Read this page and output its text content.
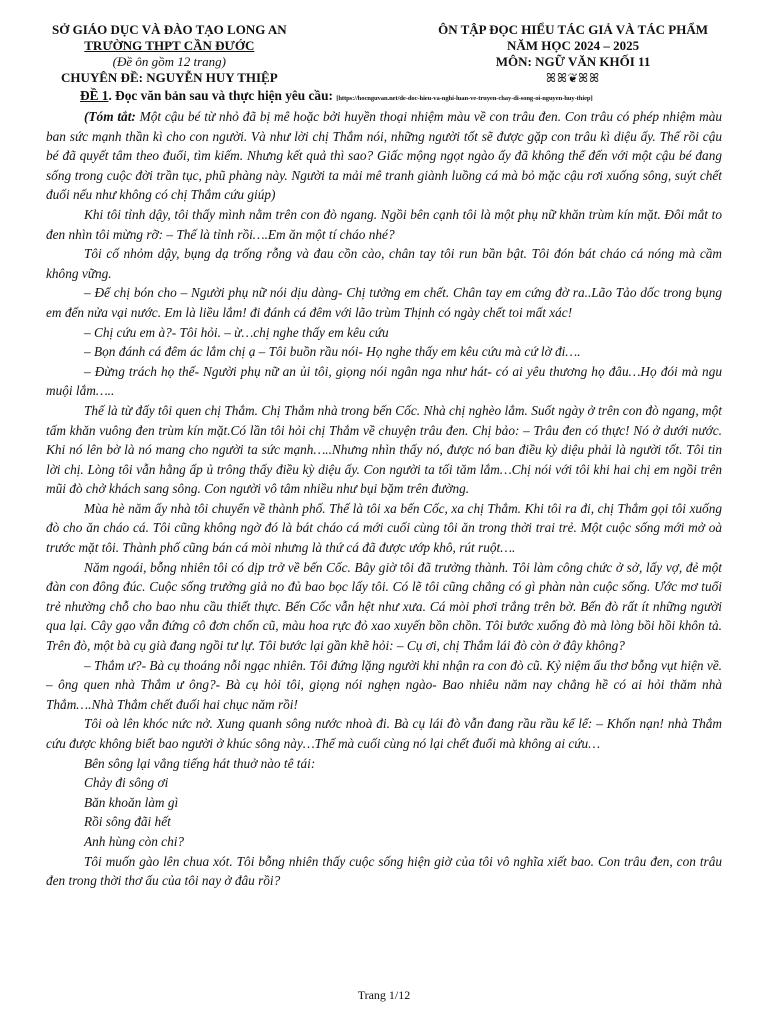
SỞ GIÁO DỤC VÀ ĐÀO TẠO LONG AN
TRƯỜNG THPT CẦN ĐƯỚC
(Đề ôn gồm 12 trang)
CHUYÊN ĐỀ: NGUYỄN HUY THIỆP
ÔN TẬP ĐỌC HIỂU TÁC GIẢ VÀ TÁC PHẨM
NĂM HỌC 2024 – 2025
MÔN: NGỮ VĂN KHỐI 11
ꕤꕤ❦ꕤꕤ
ĐỀ 1. Đọc văn bản sau và thực hiện yêu cầu: [https://hocnguvan.net/de-doc-hieu-va-nghi-luan-ve-truyen-chay-di-song-oi-nguyen-huy-thiep]

(Tóm tắt: Một cậu bé từ nhỏ đã bị mê hoặc bởi huyền thoại nhiệm màu về con trâu đen. Con trâu có phép nhiệm màu ban sức mạnh thần kì cho con người. Và như lời chị Thắm nói, những người tốt sẽ được gặp con trâu kì diệu ấy. Thế rồi cậu bé đã quyết tâm theo đuổi, tìm kiếm. Nhưng kết quả thì sao? Giấc mộng ngọt ngào ấy đã không thể đến với một cậu bé đang sống trong cuộc đời trần tục, phũ phàng này. Người ta mải mê tranh giành luồng cá mà bỏ mặc cậu rơi xuống sông, suýt chết đuối nếu như không có chị Thắm cứu giúp)

Khi tôi tỉnh dậy, tôi thấy mình nằm trên con đò ngang. Ngồi bên cạnh tôi là một phụ nữ khăn trùm kín mặt. Đôi mắt to đen nhìn tôi mừng rỡ: – Thế là tỉnh rồi….Em ăn một tí cháo nhé?

Tôi cố nhỏm dậy, bụng dạ trống rỗng và đau cồn cào, chân tay tôi run bần bật. Tôi đón bát cháo cá nóng mà cầm không vững.

– Để chị bón cho – Người phụ nữ nói dịu dàng- Chị tưởng em chết. Chân tay em cứng đờ ra..Lão Tảo dốc trong bụng em đến nửa vại nước. Em là liều lắm! đi đánh cá đêm với lão trùm Thịnh có ngày chết toi mất xác!

– Chị cứu em à?- Tôi hỏi. – ừ…chị nghe thấy em kêu cứu

– Bọn đánh cá đêm ác lắm chị ạ – Tôi buồn rầu nói- Họ nghe thấy em kêu cứu mà cứ lờ đi….

– Đừng trách họ thế- Người phụ nữ an ủi tôi, giọng nói ngân nga như hát- có ai yêu thương họ đâu…Họ đói mà ngu muội lắm…..

Thế là từ đấy tôi quen chị Thắm. Chị Thắm nhà trong bến Cốc. Nhà chị nghèo lắm. Suốt ngày ở trên con đò ngang, một tấm khăn vuông đen trùm kín mặt.Có lần tôi hỏi chị Thắm về chuyện trâu đen. Chị bảo: – Trâu đen có thực! Nó ở dưới nước. Khi nó lên bờ là nó mang cho người ta sức mạnh…..Nhưng nhìn thấy nó, được nó ban điều kỳ diệu phải là người tốt. Tôi tin lời chị. Lòng tôi vẫn hằng ấp ủ trông thấy điều kỳ diệu ấy. Con người ta tối tăm lắm…Chị nói với tôi khi hai chị em ngồi trên mũi đò chở khách sang sông. Con người vô tâm nhiều như bụi bặm trên đường.

Mùa hè năm ấy nhà tôi chuyển về thành phố. Thế là tôi xa bến Cốc, xa chị Thắm. Khi tôi ra đi, chị Thắm gọi tôi xuống đò cho ăn cháo cá. Tôi cũng không ngờ đó là bát cháo cá mới cuối cùng tôi ăn trong thời trai trẻ. Một cuộc sống mới mở oà trước mặt tôi. Thành phố cũng bán cá mòi nhưng là thứ cá đã được ướp khô, rút ruột….

Năm ngoái, bỗng nhiên tôi có dịp trở về bến Cốc. Bây giờ tôi đã trưởng thành. Tôi làm công chức ở sở, lấy vợ, đẻ một đàn con đông đúc. Cuộc sống trưởng giả no đủ bao bọc lấy tôi. Có lẽ tôi cũng chẳng có gì phàn nàn cuộc sống. Ước mơ tuổi trẻ nhường chỗ cho bao nhu cầu thiết thực. Bến Cốc vẫn hệt như xưa. Cá mòi phơi trắng trên bờ. Bến đò rất ít những người qua lại. Cây gạo vẫn đứng cô đơn chốn cũ, màu hoa rực đỏ xao xuyến bồn chồn. Tôi bước xuống đò mà lòng bồi hồi khôn tả. Trên đò, một bà cụ già đang ngồi tư lự. Tôi bước lại gần khẽ hỏi: – Cụ ơi, chị Thắm lái đò còn ở đây không?

– Thắm ư?- Bà cụ thoáng nỗi ngạc nhiên. Tôi đứng lặng người khi nhận ra con đò cũ. Kỷ niệm ấu thơ bỗng vụt hiện về. – ông quen nhà Thắm ư ông?- Bà cụ hỏi tôi, giọng nói nghẹn ngào- Bao nhiêu năm nay chẳng hề có ai hỏi thăm nhà Thắm….Nhà Thắm chết đuối hai chục năm rồi!

Tôi oà lên khóc nức nở. Xung quanh sông nước nhoà đi. Bà cụ lái đò vẫn đang rầu rầu kể lể: – Khốn nạn! nhà Thắm cứu được không biết bao người ở khúc sông này…Thế mà cuối cùng nó lại chết đuối mà không ai cứu…

Bên sông lại vẳng tiếng hát thuở nào tê tái:

Chảy đi sông ơi

Băn khoăn làm gì

Rồi sông đãi hết

Anh hùng còn chi?

Tôi muốn gào lên chua xót. Tôi bỗng nhiên thấy cuộc sống hiện giờ của tôi vô nghĩa xiết bao. Con trâu đen, con trâu đen trong thời thơ ấu của tôi nay ở đâu rồi?

Trang 1/12
